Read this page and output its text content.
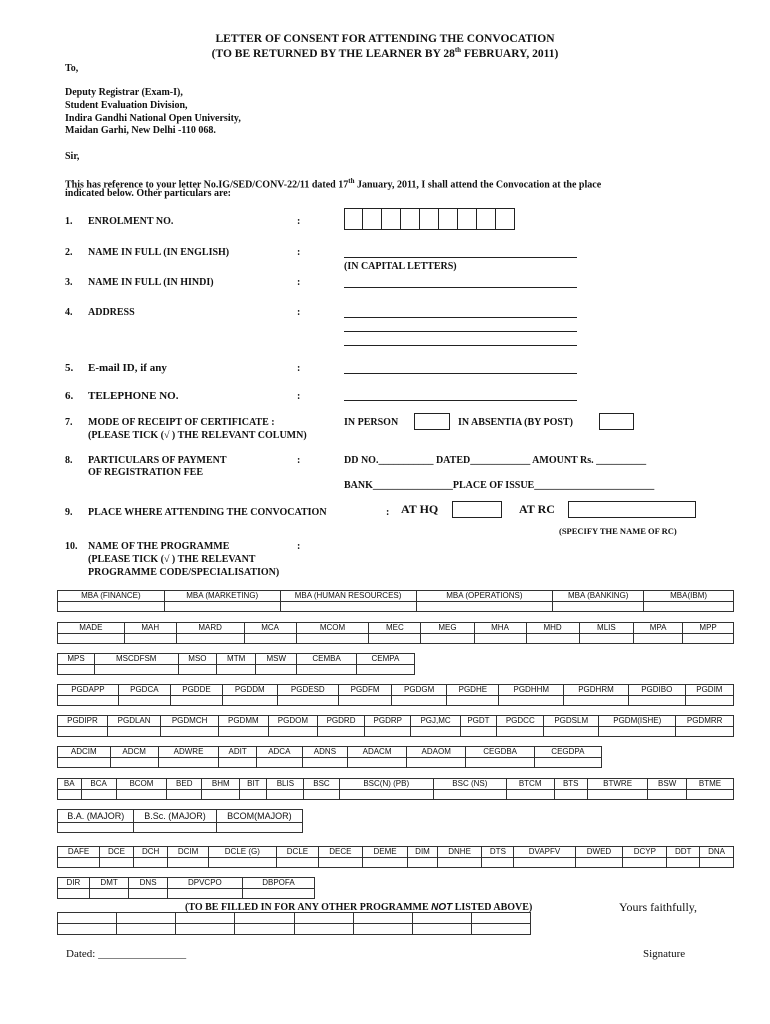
LETTER OF CONSENT FOR ATTENDING THE CONVOCATION
(TO BE RETURNED BY THE LEARNER BY 28th FEBRUARY, 2011)
To,
Deputy Registrar (Exam-I),
Student Evaluation Division,
Indira Gandhi National Open University,
Maidan Garhi, New Delhi -110 068.
Sir,
This has reference to your letter No.IG/SED/CONV-22/11 dated 17th January, 2011, I shall attend the Convocation at the place
indicated below. Other particulars are:
1. ENROLMENT NO.	:
2. NAME IN FULL (IN ENGLISH)	:
(IN CAPITAL LETTERS)
3. NAME IN FULL (IN HINDI)	:
4. ADDRESS	:
5. E-mail ID, if any	:
6. TELEPHONE NO.	:
7. MODE OF RECEIPT OF CERTIFICATE :
(PLEASE TICK (√ ) THE RELEVANT COLUMN)
IN PERSON	IN ABSENTIA (BY POST)
8. PARTICULARS OF PAYMENT
OF REGISTRATION FEE
:	DD NO.___________ DATED____________ AMOUNT Rs. __________
BANK________________PLACE OF ISSUE________________________
9. PLACE WHERE ATTENDING THE CONVOCATION	: AT HQ	AT RC
(SPECIFY THE NAME OF RC)
10. NAME OF THE PROGRAMME	:
(PLEASE TICK (√ ) THE RELEVANT
PROGRAMME CODE/SPECIALISATION)
MBA (FINANCE)	MBA (MARKETING)	MBA (HUMAN RESOURCES)	MBA (OPERATIONS)	MBA (BANKING)	MBA(IBM)

MADE	MAH	MARD	MCA	MCOM	MEC	MEG	MHA	MHD	MLIS	MPA	MPP

MPS	MSCDFSM	MSO	MTM	MSW	CEMBA	CEMPA

PGDAPP	PGDCA	PGDDE	PGDDM	PGDESD	PGDFM	PGDGM	PGDHE	PGDHHM	PGDHRM	PGDIBO	PGDIM

PGDIPR	PGDLAN	PGDMCH	PGDMM	PGDOM	PGDRD	PGDRP	PGJ,MC	PGDT	PGDCC	PGDSLM	PGDM(ISHE)	PGDMRR

ADCIM	ADCM	ADWRE	ADIT	ADCA	ADNS	ADACM	ADAOM	CEGDBA	CEGDPA

BA	BCA	BCOM	BED	BHM	BIT	BLIS	BSC	BSC(N) (PB)	BSC (NS)	BTCM	BTS	BTWRE	BSW	BTME

B.A. (MAJOR)	B.Sc. (MAJOR)	BCOM(MAJOR)

DAFE	DCE	DCH	DCIM	DCLE (G)	DCLE	DECE	DEME	DIM	DNHE	DTS	DVAPFV	DWED	DCYP	DDT	DNA

DIR	DMT	DNS	DPVCPO	DBPOFA

(TO BE FILLED IN FOR ANY OTHER PROGRAMME NOT LISTED ABOVE)	Yours faithfully,

Dated: ________________	Signature
